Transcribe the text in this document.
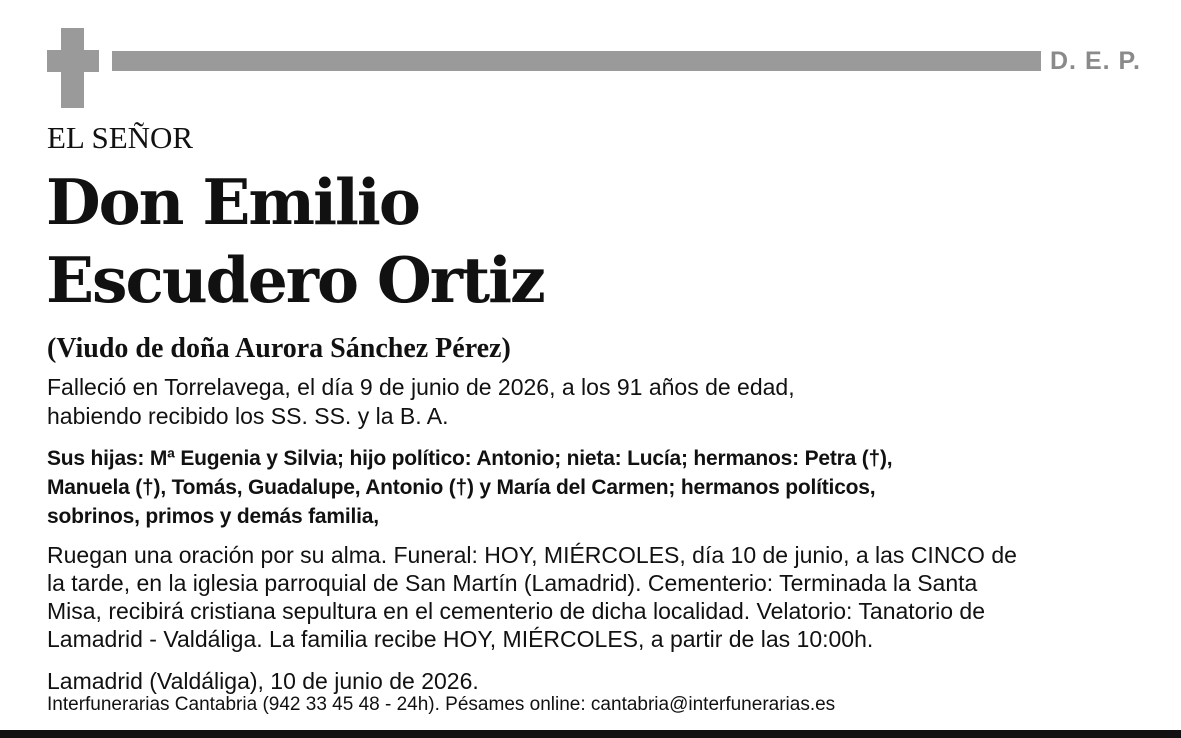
D. E. P.
EL SEÑOR
Don Emilio
Escudero Ortiz
(Viudo de doña Aurora Sánchez Pérez)
Falleció en Torrelavega, el día 9 de junio de 2026, a los 91 años de edad,
habiendo recibido los SS. SS. y la B. A.
Sus hijas: Mª Eugenia y Silvia; hijo político: Antonio; nieta: Lucía; hermanos: Petra (†),
Manuela (†), Tomás, Guadalupe, Antonio (†) y María del Carmen; hermanos políticos,
sobrinos, primos y demás familia,
Ruegan una oración por su alma. Funeral: HOY, MIÉRCOLES, día 10 de junio, a las CINCO de
la tarde, en la iglesia parroquial de San Martín (Lamadrid). Cementerio: Terminada la Santa
Misa, recibirá cristiana sepultura en el cementerio de dicha localidad. Velatorio: Tanatorio de
Lamadrid - Valdáliga. La familia recibe HOY, MIÉRCOLES, a partir de las 10:00h.
Lamadrid (Valdáliga), 10 de junio de 2026.
Interfunerarias Cantabria (942 33 45 48 - 24h). Pésames online: cantabria@interfunerarias.es
